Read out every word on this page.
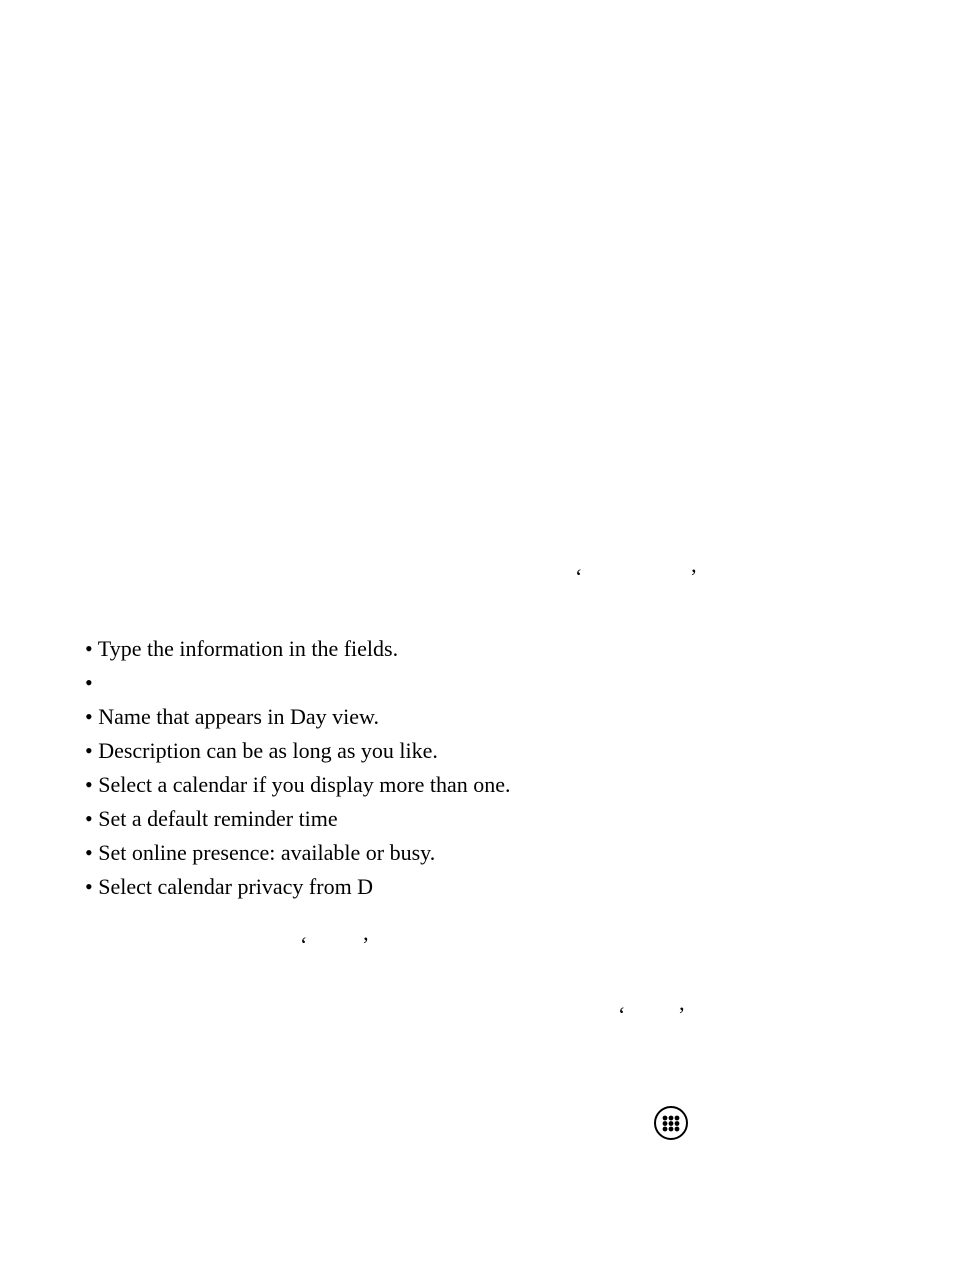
‘	’
• Type the information in the fields.
•
• Name that appears in Day view.
• Description can be as long as you like.
• Select a calendar if you display more than one.
• Set a default reminder time
• Set online presence: available or busy.
• Select calendar privacy from D
‘ ’
‘ ’
